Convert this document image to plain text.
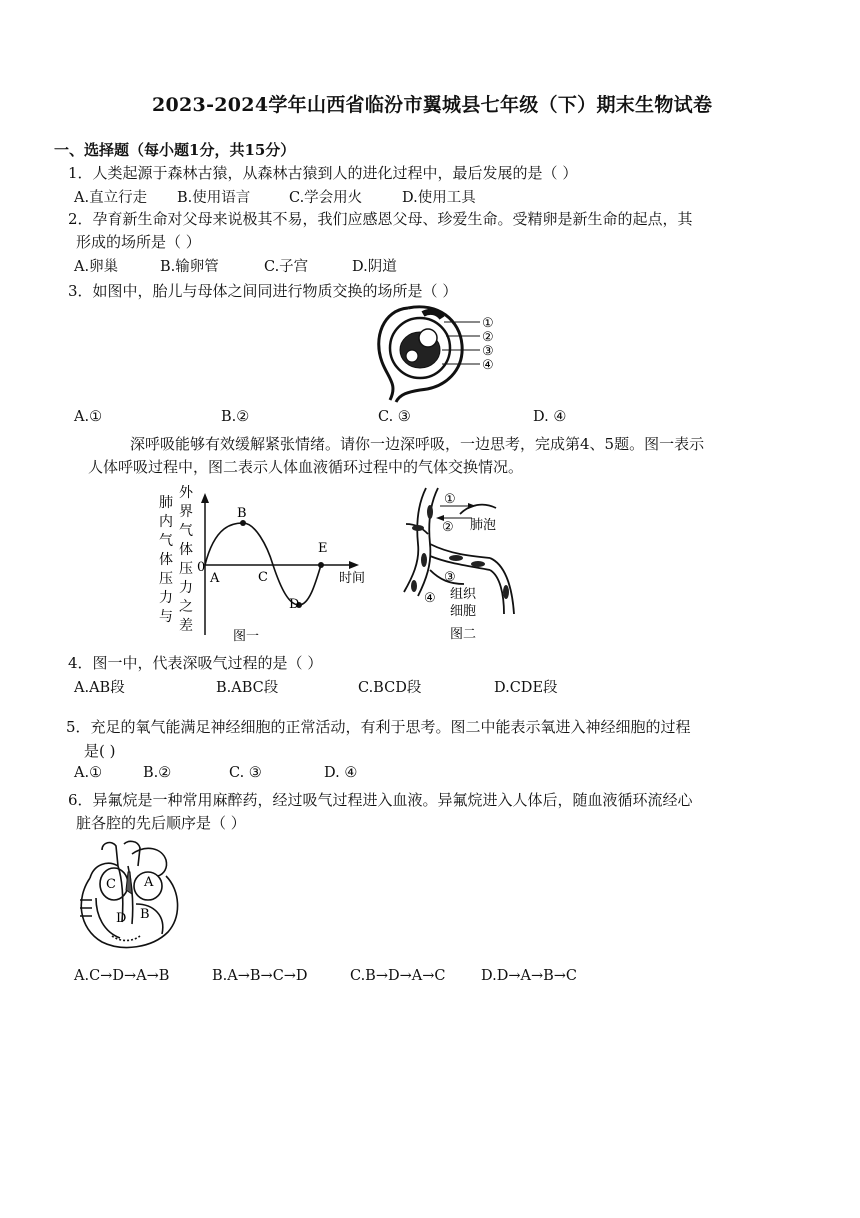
2023-2024学年山西省临汾市翼城县七年级（下）期末生物试卷
一、选择题（每小题1分，共15分）
1．人类起源于森林古猿，从森林古猿到人的进化过程中，最后发展的是（ ）
A.直立行走 B.使用语言	C.学会用火	D.使用工具
2．孕育新生命对父母来说极其不易，我们应感恩父母、珍爱生命。受精卵是新生命的起点，其
形成的场所是（ ）
A.卵巢	B.输卵管	C.子宫	D.阴道
3．如图中，胎儿与母体之间同进行物质交换的场所是（ ）
①
②
③
④
A.①	B.②	C. ③	D. ④
深呼吸能够有效缓解紧张情绪。请你一边深呼吸，一边思考，完成第4、5题。图一表示
人体呼吸过程中，图二表示人体血液循环过程中的气体交换情况。
肺
内
气
体
压
力
与
外
界
气
体
压
力
之
差
0
A
B
C
D
E
时间
图一
①
② 肺泡
③
④ 组织
细胞
图二
4．图一中，代表深吸气过程的是（ ）
A.AB段	B.ABC段	C.BCD段	D.CDE段
5．充足的氧气能满足神经细胞的正常活动，有利于思考。图二中能表示氧进入神经细胞的过程
是( )
A.①	B.②	C. ③	D. ④
6．异氟烷是一种常用麻醉药，经过吸气过程进入血液。异氟烷进入人体后，随血液循环流经心
脏各腔的先后顺序是（ ）
C A
D B
A.C→D→A→B	B.A→B→C→D	C.B→D→A→C D.D→A→B→C
